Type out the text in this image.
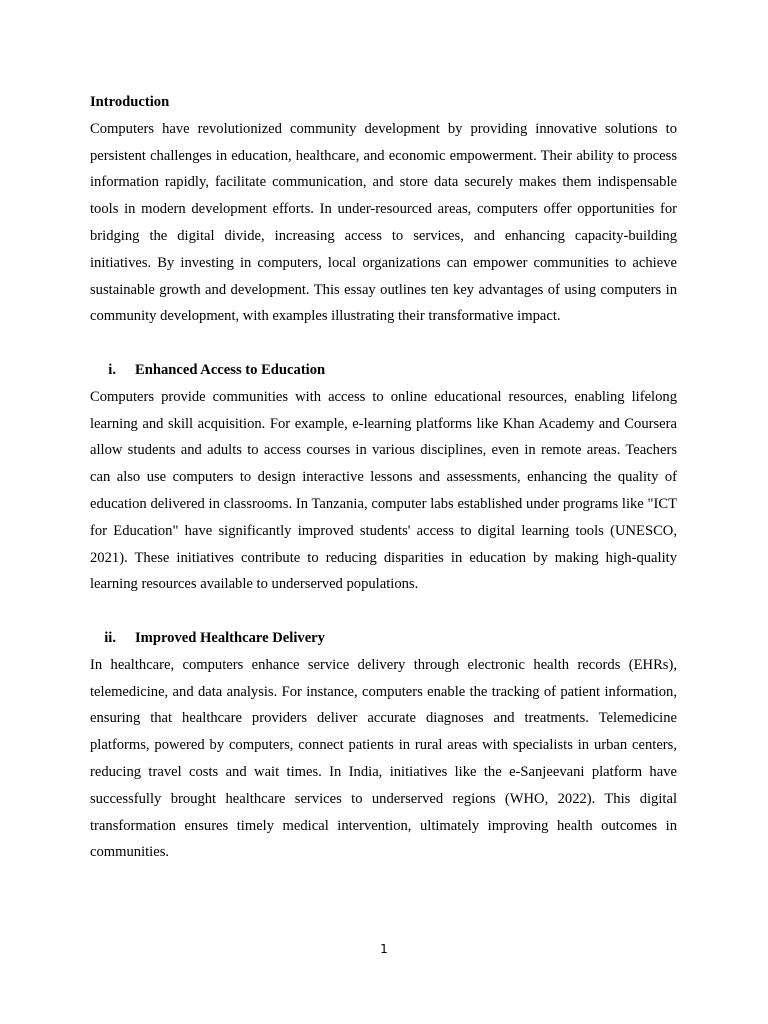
Introduction

Computers have revolutionized community development by providing innovative solutions to persistent challenges in education, healthcare, and economic empowerment. Their ability to process information rapidly, facilitate communication, and store data securely makes them indispensable tools in modern development efforts. In under-resourced areas, computers offer opportunities for bridging the digital divide, increasing access to services, and enhancing capacity-building initiatives. By investing in computers, local organizations can empower communities to achieve sustainable growth and development. This essay outlines ten key advantages of using computers in community development, with examples illustrating their transformative impact.

i. Enhanced Access to Education

Computers provide communities with access to online educational resources, enabling lifelong learning and skill acquisition. For example, e-learning platforms like Khan Academy and Coursera allow students and adults to access courses in various disciplines, even in remote areas. Teachers can also use computers to design interactive lessons and assessments, enhancing the quality of education delivered in classrooms. In Tanzania, computer labs established under programs like "ICT for Education" have significantly improved students' access to digital learning tools (UNESCO, 2021). These initiatives contribute to reducing disparities in education by making high-quality learning resources available to underserved populations.

ii. Improved Healthcare Delivery

In healthcare, computers enhance service delivery through electronic health records (EHRs), telemedicine, and data analysis. For instance, computers enable the tracking of patient information, ensuring that healthcare providers deliver accurate diagnoses and treatments. Telemedicine platforms, powered by computers, connect patients in rural areas with specialists in urban centers, reducing travel costs and wait times. In India, initiatives like the e-Sanjeevani platform have successfully brought healthcare services to underserved regions (WHO, 2022). This digital transformation ensures timely medical intervention, ultimately improving health outcomes in communities.

1
